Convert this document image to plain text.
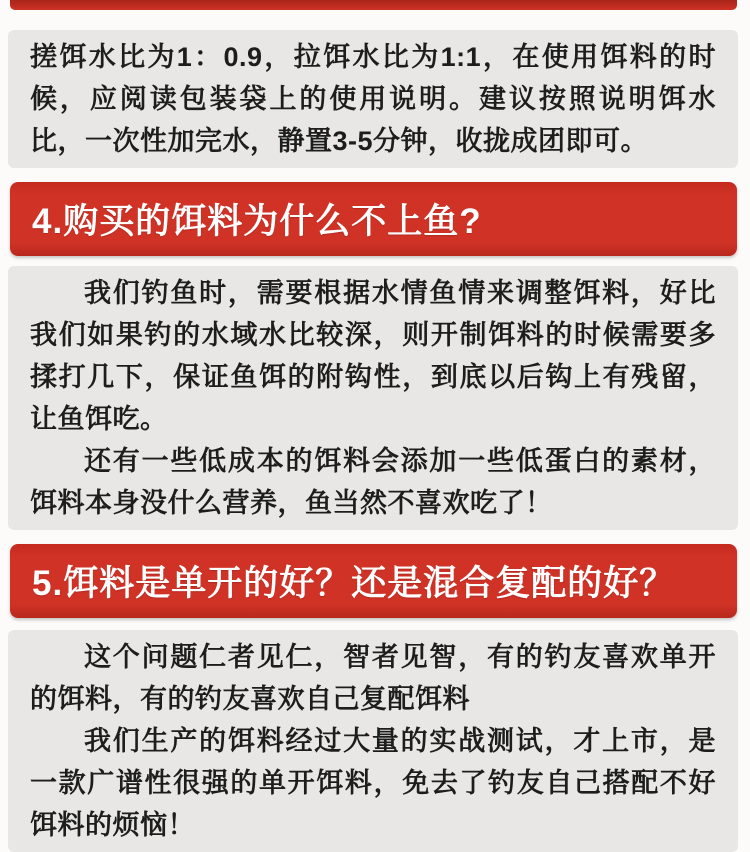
搓饵水比为1：0.9，拉饵水比为1:1，在使用饵料的时候，应阅读包装袋上的使用说明。建议按照说明饵水比，一次性加完水，静置3-5分钟，收拢成团即可。

4.购买的饵料为什么不上鱼?

我们钓鱼时，需要根据水情鱼情来调整饵料，好比我们如果钓的水域水比较深，则开制饵料的时候需要多揉打几下，保证鱼饵的附钩性，到底以后钩上有残留，让鱼饵吃。

还有一些低成本的饵料会添加一些低蛋白的素材，饵料本身没什么营养，鱼当然不喜欢吃了！

5.饵料是单开的好？还是混合复配的好？

这个问题仁者见仁，智者见智，有的钓友喜欢单开的饵料，有的钓友喜欢自己复配饵料

我们生产的饵料经过大量的实战测试，才上市，是一款广谱性很强的单开饵料，免去了钓友自己搭配不好饵料的烦恼！
